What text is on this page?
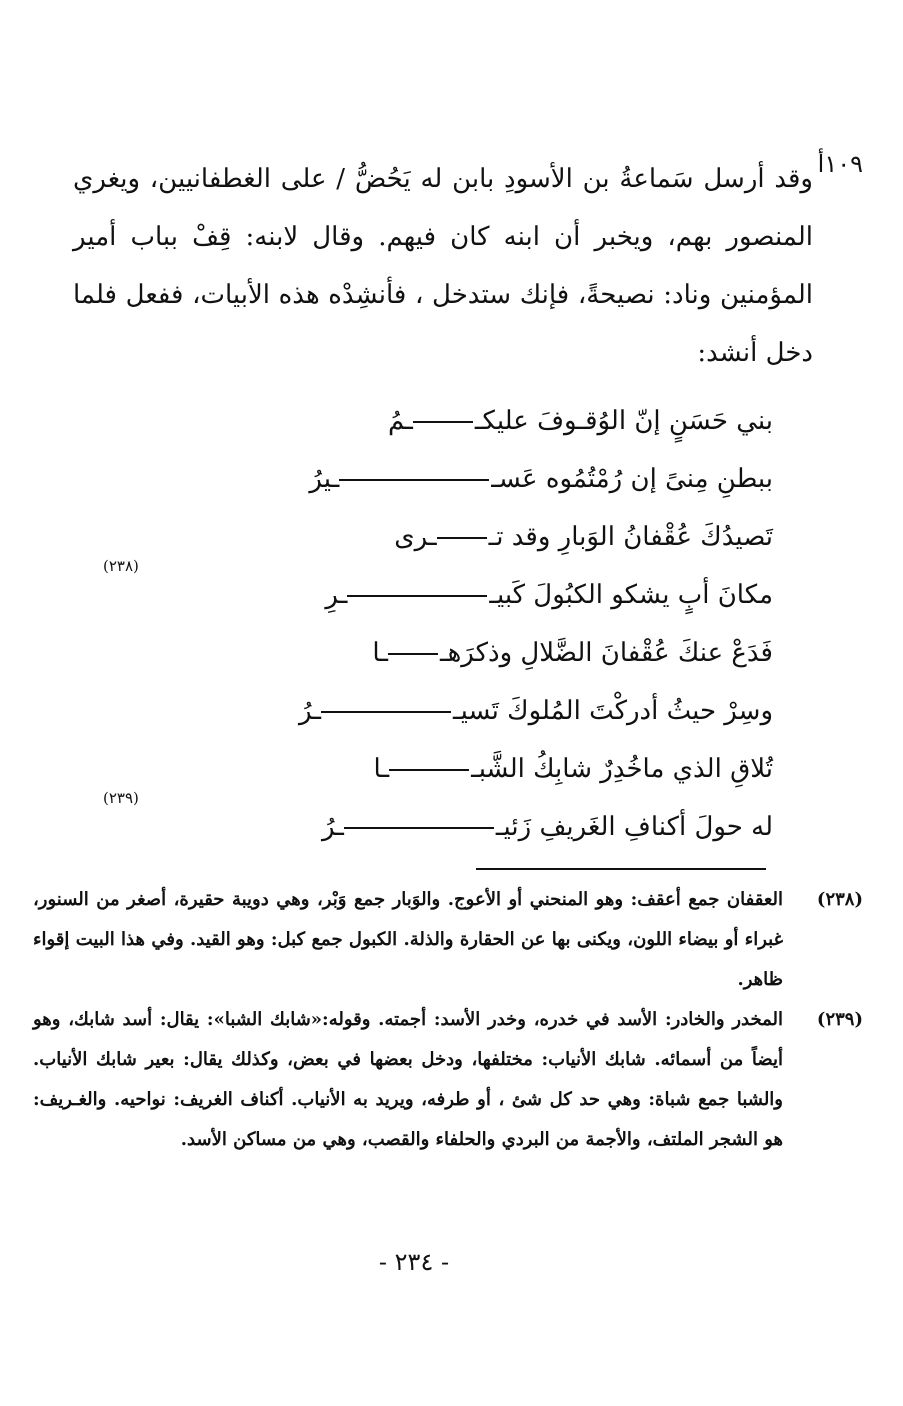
١٠٩أ
وقد أرسل سَماعةُ بن الأسودِ بابن له يَحُضُّ / على الغطفانيين، ويغري المنصور بهم، ويخبر أن ابنه كان فيهم. وقال لابنه: قِفْ بباب أمير المؤمنين وناد: نصيحةً، فإنك ستدخل ، فأنشِدْه هذه الأبيات، ففعل فلما دخل أنشد:
بني حَسَنٍ إنّ الوُقـوفَ عليكــمُ
ببطنِ مِنىً إن رُمْتُمُوه عَســيرُ
تَصيدُكَ عُقْفانُ الوَبارِ وقد تــرى
مكانَ أبٍ يشكو الكبُولَ كَبيــرِ
(٢٣٨)
فَدَعْ عنكَ عُقْفانَ الضَّلالِ وذكرَهــا
وسِرْ حيثُ أدركْتَ المُلوكَ تَسيــرُ
تُلاقِ الذي ماخُدِرٌ شابِكُ الشَّبــا
له حولَ أكنافِ الغَريفِ زَئيــرُ
(٢٣٩)
(٢٣٨)
العقفان جمع أعقف: وهو المنحني أو الأعوج. والوَبار جمع وَبْر، وهي دويبة حقيرة، أصغر من السنور، غبراء أو بيضاء اللون، ويكنى بها عن الحقارة والذلة. الكبول جمع كبل: وهو القيد. وفي هذا البيت إقواء ظاهر.
(٢٣٩)
المخدر والخادر: الأسد في خدره، وخدر الأسد: أجمته. وقوله:«شابك الشبا»: يقال: أسد شابك، وهو أيضاً من أسمائه. شابك الأنياب: مختلفها، ودخل بعضها في بعض، وكذلك يقال: بعير شابك الأنياب. والشبا جمع شباة: وهي حد كل شئ ، أو طرفه، ويريد به الأنياب. أكناف الغريف: نواحيه. والغـريف: هو الشجر الملتف، والأجمة من البردي والحلفاء والقصب، وهي من مساكن الأسد.
- ٢٣٤ -
